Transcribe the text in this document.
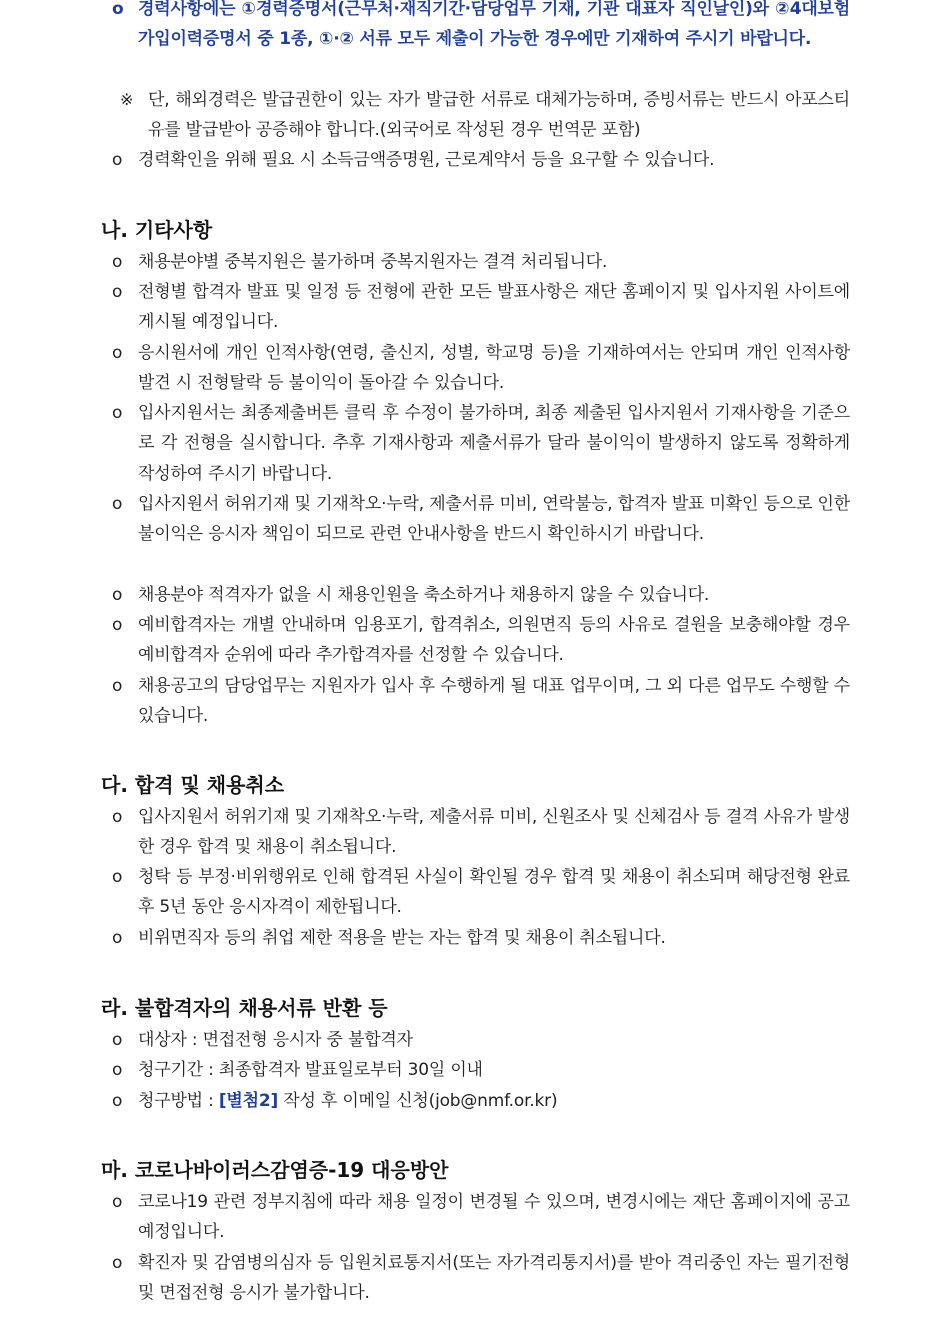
o 경력사항에는 ①경력증명서(근무처·재직기간·담당업무 기재, 기관 대표자 직인날인)와 ②4대보험 가입이력증명서 중 1종, ①·② 서류 모두 제출이 가능한 경우에만 기재하여 주시기 바랍니다.
※ 단, 해외경력은 발급권한이 있는 자가 발급한 서류로 대체가능하며, 증빙서류는 반드시 아포스티유를 발급받아 공증해야 합니다.(외국어로 작성된 경우 번역문 포함)
o 경력확인을 위해 필요 시 소득금액증명원, 근로계약서 등을 요구할 수 있습니다.
나. 기타사항
o 채용분야별 중복지원은 불가하며 중복지원자는 결격 처리됩니다.
o 전형별 합격자 발표 및 일정 등 전형에 관한 모든 발표사항은 재단 홈페이지 및 입사지원 사이트에 게시될 예정입니다.
o 응시원서에 개인 인적사항(연령, 출신지, 성별, 학교명 등)을 기재하여서는 안되며 개인 인적사항 발견 시 전형탈락 등 불이익이 돌아갈 수 있습니다.
o 입사지원서는 최종제출버튼 클릭 후 수정이 불가하며, 최종 제출된 입사지원서 기재사항을 기준으로 각 전형을 실시합니다. 추후 기재사항과 제출서류가 달라 불이익이 발생하지 않도록 정확하게 작성하여 주시기 바랍니다.
o 입사지원서 허위기재 및 기재착오·누락, 제출서류 미비, 연락불능, 합격자 발표 미확인 등으로 인한 불이익은 응시자 책임이 되므로 관련 안내사항을 반드시 확인하시기 바랍니다.
o 채용분야 적격자가 없을 시 채용인원을 축소하거나 채용하지 않을 수 있습니다.
o 예비합격자는 개별 안내하며 임용포기, 합격취소, 의원면직 등의 사유로 결원을 보충해야할 경우 예비합격자 순위에 따라 추가합격자를 선정할 수 있습니다.
o 채용공고의 담당업무는 지원자가 입사 후 수행하게 될 대표 업무이며, 그 외 다른 업무도 수행할 수 있습니다.
다. 합격 및 채용취소
o 입사지원서 허위기재 및 기재착오·누락, 제출서류 미비, 신원조사 및 신체검사 등 결격 사유가 발생한 경우 합격 및 채용이 취소됩니다.
o 청탁 등 부정·비위행위로 인해 합격된 사실이 확인될 경우 합격 및 채용이 취소되며 해당전형 완료 후 5년 동안 응시자격이 제한됩니다.
o 비위면직자 등의 취업 제한 적용을 받는 자는 합격 및 채용이 취소됩니다.
라. 불합격자의 채용서류 반환 등
o 대상자 : 면접전형 응시자 중 불합격자
o 청구기간 : 최종합격자 발표일로부터 30일 이내
o 청구방법 : [별첨2] 작성 후 이메일 신청(job@nmf.or.kr)
마. 코로나바이러스감염증-19 대응방안
o 코로나19 관련 정부지침에 따라 채용 일정이 변경될 수 있으며, 변경시에는 재단 홈페이지에 공고예정입니다.
o 확진자 및 감염병의심자 등 입원치료통지서(또는 자가격리통지서)를 받아 격리중인 자는 필기전형 및 면접전형 응시가 불가합니다.
